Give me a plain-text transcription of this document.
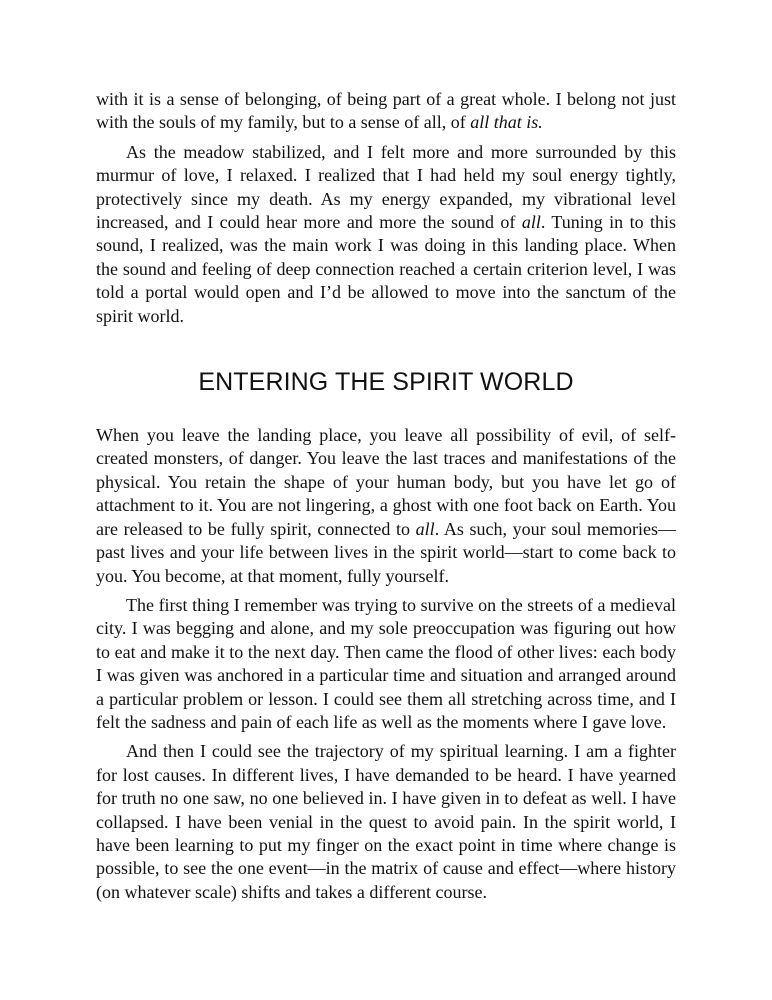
with it is a sense of belonging, of being part of a great whole. I belong not just with the souls of my family, but to a sense of all, of all that is.

As the meadow stabilized, and I felt more and more surrounded by this murmur of love, I relaxed. I realized that I had held my soul energy tightly, protectively since my death. As my energy expanded, my vibrational level increased, and I could hear more and more the sound of all. Tuning in to this sound, I realized, was the main work I was doing in this landing place. When the sound and feeling of deep connection reached a certain criterion level, I was told a portal would open and I’d be allowed to move into the sanctum of the spirit world.

ENTERING THE SPIRIT WORLD

When you leave the landing place, you leave all possibility of evil, of self-created monsters, of danger. You leave the last traces and manifestations of the physical. You retain the shape of your human body, but you have let go of attachment to it. You are not lingering, a ghost with one foot back on Earth. You are released to be fully spirit, connected to all. As such, your soul memories—past lives and your life between lives in the spirit world—start to come back to you. You become, at that moment, fully yourself.

The first thing I remember was trying to survive on the streets of a medieval city. I was begging and alone, and my sole preoccupation was figuring out how to eat and make it to the next day. Then came the flood of other lives: each body I was given was anchored in a particular time and situation and arranged around a particular problem or lesson. I could see them all stretching across time, and I felt the sadness and pain of each life as well as the moments where I gave love.

And then I could see the trajectory of my spiritual learning. I am a fighter for lost causes. In different lives, I have demanded to be heard. I have yearned for truth no one saw, no one believed in. I have given in to defeat as well. I have collapsed. I have been venial in the quest to avoid pain. In the spirit world, I have been learning to put my finger on the exact point in time where change is possible, to see the one event—in the matrix of cause and effect—where history (on whatever scale) shifts and takes a different course.
